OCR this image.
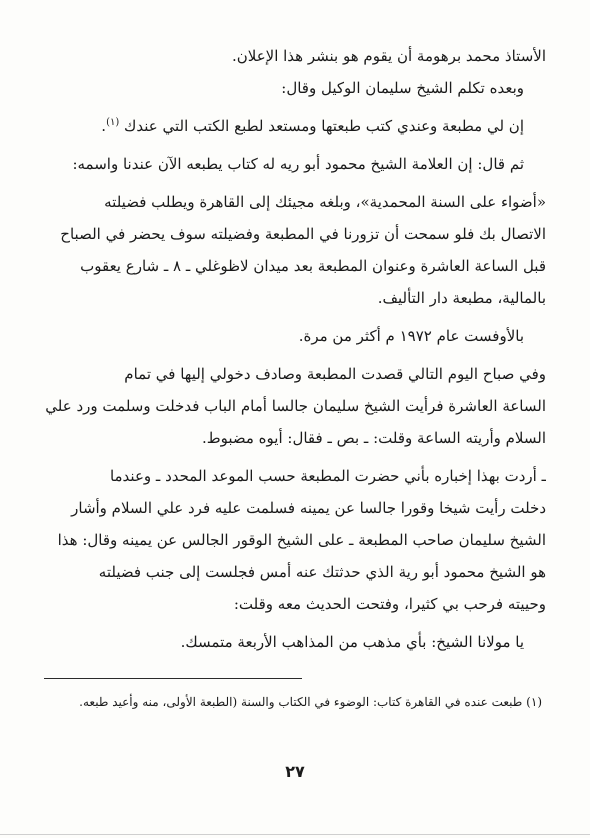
الأستاذ محمد برهومة أن يقوم هو بنشر هذا الإعلان.
وبعده تكلم الشيخ سليمان الوكيل وقال:
إن لي مطبعة وعندي كتب طبعتها ومستعد لطبع الكتب التي عندك $^{(١)}$.
ثم قال: إن العلامة الشيخ محمود أبو ريه له كتاب يطبعه الآن عندنا واسمه:
«أضواء على السنة المحمدية»، وبلغه مجيئك إلى القاهرة ويطلب فضيلته
الاتصال بك فلو سمحت أن تزورنا في المطبعة وفضيلته سوف يحضر في الصباح
قبل الساعة العاشرة وعنوان المطبعة بعد ميدان لاظوغلي ـ ٨ ـ شارع يعقوب
بالمالية، مطبعة دار التأليف.
بالأوفست عام ١٩٧٢ م أكثر من مرة.
وفي صباح اليوم التالي قصدت المطبعة وصادف دخولي إليها في تمام
الساعة العاشرة فرأيت الشيخ سليمان جالسا أمام الباب فدخلت وسلمت ورد علي
السلام وأريته الساعة وقلت: ـ بص ـ فقال: أيوه مضبوط.
ـ أردت بهذا إخباره بأني حضرت المطبعة حسب الموعد المحدد ـ وعندما
دخلت رأيت شيخا وقورا جالسا عن يمينه فسلمت عليه فرد علي السلام وأشار
الشيخ سليمان صاحب المطبعة ـ على الشيخ الوقور الجالس عن يمينه وقال: هذا
هو الشيخ محمود أبو رية الذي حدثتك عنه أمس فجلست إلى جنب فضيلته
وحييته فرحب بي كثيرا، وفتحت الحديث معه وقلت:
يا مولانا الشيخ: بأي مذهب من المذاهب الأربعة متمسك.
(١) طبعت عنده في القاهرة كتاب: الوضوء في الكتاب والسنة (الطبعة الأولى، منه وأعيد طبعه.
٢٧
